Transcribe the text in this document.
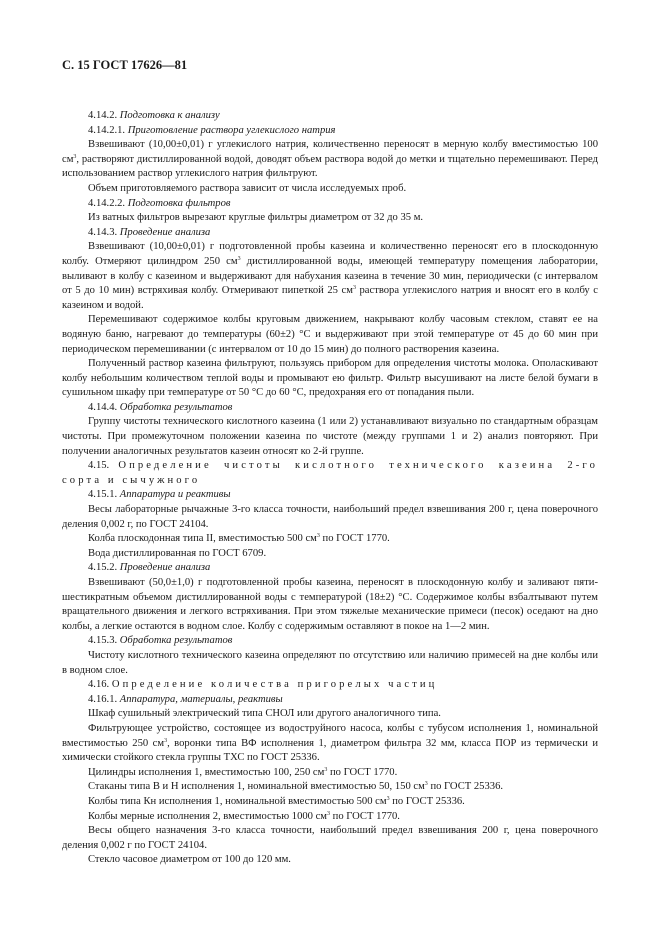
С. 15 ГОСТ 17626—81

4.14.2. Подготовка к анализу

4.14.2.1. Приготовление раствора углекислого натрия

Взвешивают (10,00±0,01) г углекислого натрия, количественно переносят в мерную колбу вместимостью 100 $см^3$, растворяют дистиллированной водой, доводят объем раствора водой до метки и тщательно перемешивают. Перед использованием раствор углекислого натрия фильтруют.

Объем приготовляемого раствора зависит от числа исследуемых проб.

4.14.2.2. Подготовка фильтров

Из ватных фильтров вырезают круглые фильтры диаметром от 32 до 35 м.

4.14.3. Проведение анализа

Взвешивают (10,00±0,01) г подготовленной пробы казеина и количественно переносят его в плоскодонную колбу. Отмеряют цилиндром 250 $см^3$ дистиллированной воды, имеющей температуру помещения лаборатории, выливают в колбу с казеином и выдерживают для набухания казеина в течение 30 мин, периодически (с интервалом от 5 до 10 мин) встряхивая колбу. Отмеривают пипеткой 25 $см^3$ раствора углекислого натрия и вносят его в колбу с казеином и водой.

Перемешивают содержимое колбы круговым движением, накрывают колбу часовым стеклом, ставят ее на водяную баню, нагревают до температуры (60±2) °С и выдерживают при этой температуре от 45 до 60 мин при периодическом перемешивании (с интервалом от 10 до 15 мин) до полного растворения казеина.

Полученный раствор казеина фильтруют, пользуясь прибором для определения чистоты молока. Ополаскивают колбу небольшим количеством теплой воды и промывают ею фильтр. Фильтр высушивают на листе белой бумаги в сушильном шкафу при температуре от 50 °С до 60 °С, предохраняя его от попадания пыли.

4.14.4. Обработка результатов

Группу чистоты технического кислотного казеина (1 или 2) устанавливают визуально по стандартным образцам чистоты. При промежуточном положении казеина по чистоте (между группами 1 и 2) анализ повторяют. При получении аналогичных результатов казеин относят ко 2-й группе.

4.15. Определение чистоты кислотного технического казеина 2-го сорта и сычужного

4.15.1. Аппаратура и реактивы

Весы лабораторные рычажные 3-го класса точности, наибольший предел взвешивания 200 г, цена поверочного деления 0,002 г, по ГОСТ 24104.

Колба плоскодонная типа II, вместимостью 500 $см^3$ по ГОСТ 1770.

Вода дистиллированная по ГОСТ 6709.

4.15.2. Проведение анализа

Взвешивают (50,0±1,0) г подготовленной пробы казеина, переносят в плоскодонную колбу и заливают пяти-шестикратным объемом дистиллированной воды с температурой (18±2) °С. Содержимое колбы взбалтывают путем вращательного движения и легкого встряхивания. При этом тяжелые механические примеси (песок) оседают на дно колбы, а легкие остаются в водном слое. Колбу с содержимым оставляют в покое на 1—2 мин.

4.15.3. Обработка результатов

Чистоту кислотного технического казеина определяют по отсутствию или наличию примесей на дне колбы или в водном слое.

4.16. Определение количества пригорелых частиц

4.16.1. Аппаратура, материалы, реактивы

Шкаф сушильный электрический типа СНОЛ или другого аналогичного типа.

Фильтрующее устройство, состоящее из водоструйного насоса, колбы с тубусом исполнения 1, номинальной вместимостью 250 $см^3$, воронки типа ВФ исполнения 1, диаметром фильтра 32 мм, класса ПОР из термически и химически стойкого стекла группы ТХС по ГОСТ 25336.

Цилиндры исполнения 1, вместимостью 100, 250 $см^3$ по ГОСТ 1770.

Стаканы типа В и Н исполнения 1, номинальной вместимостью 50, 150 $см^3$ по ГОСТ 25336.

Колбы типа Кн исполнения 1, номинальной вместимостью 500 $см^3$ по ГОСТ 25336.

Колбы мерные исполнения 2, вместимостью 1000 $см^3$ по ГОСТ 1770.

Весы общего назначения 3-го класса точности, наибольший предел взвешивания 200 г, цена поверочного деления 0,002 г по ГОСТ 24104.

Стекло часовое диаметром от 100 до 120 мм.
